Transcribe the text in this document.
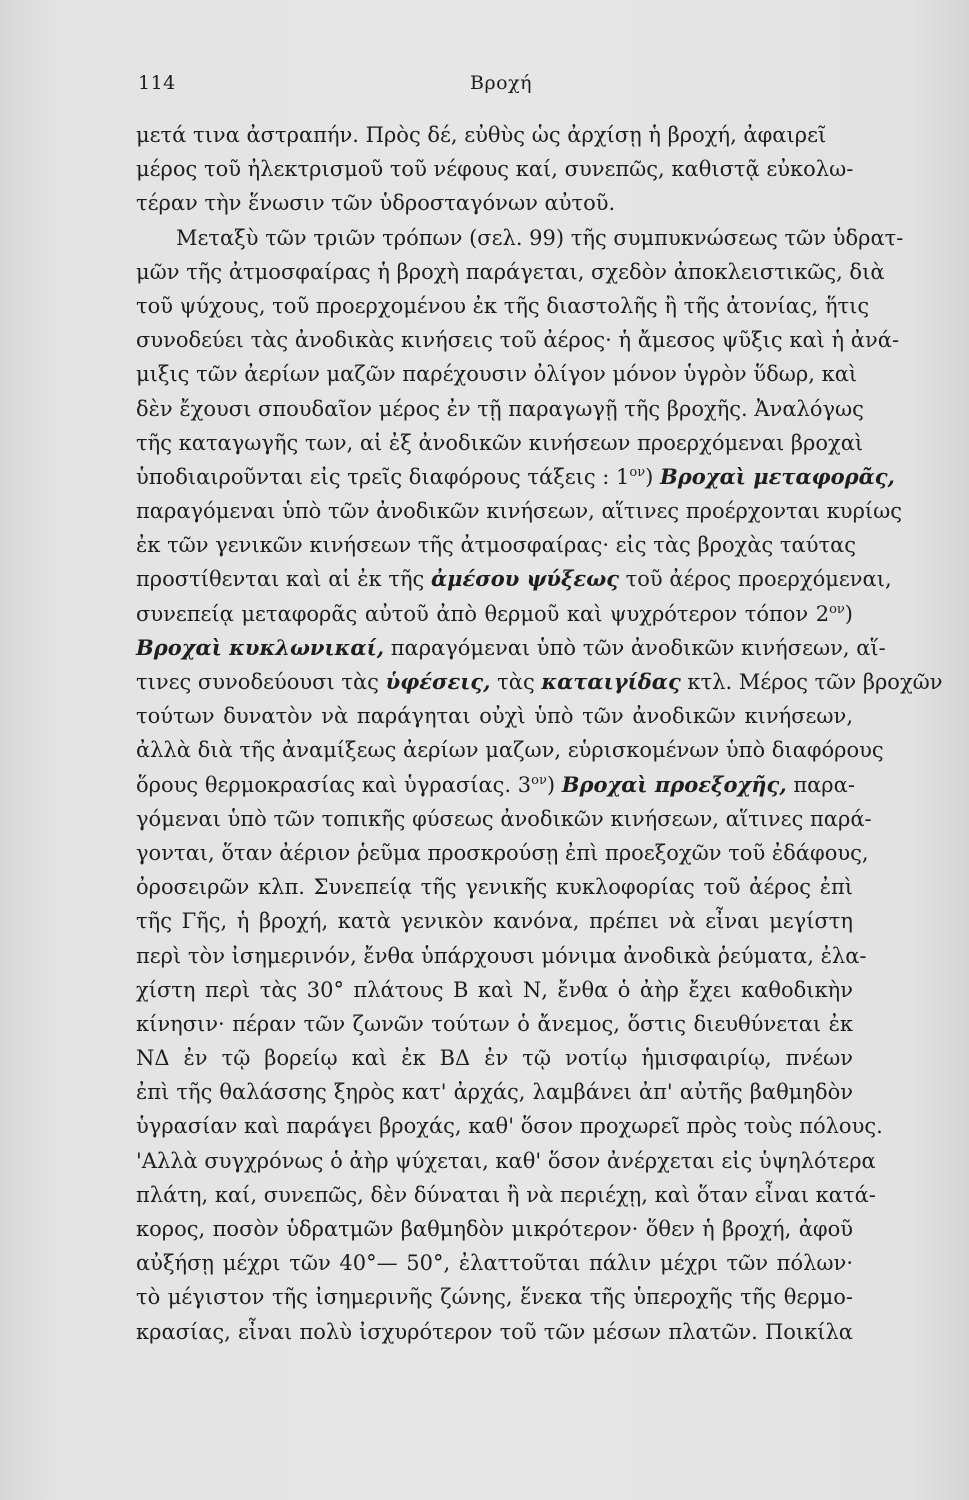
114	Βροχή
μετά τινα ἀστραπήν. Πρὸς δέ, εὐθὺς ὡς ἀρχίσῃ ἡ βροχή, ἀφαιρεῖ
μέρος τοῦ ἠλεκτρισμοῦ τοῦ νέφους καί, συνεπῶς, καθιστᾷ εὐκολω-
τέραν τὴν ἕνωσιν τῶν ὑδροσταγόνων αὐτοῦ.
Μεταξὺ τῶν τριῶν τρόπων (σελ. 99) τῆς συμπυκνώσεως τῶν ὑδρατ-
μῶν τῆς ἀτμοσφαίρας ἡ βροχὴ παράγεται, σχεδὸν ἀποκλειστικῶς, διὰ
τοῦ ψύχους, τοῦ προερχομένου ἐκ τῆς διαστολῆς ἢ τῆς ἀτονίας, ἥτις
συνοδεύει τὰς ἀνοδικὰς κινήσεις τοῦ ἀέρος· ἡ ἄμεσος ψῦξις καὶ ἡ ἀνά-
μιξις τῶν ἀερίων μαζῶν παρέχουσιν ὀλίγον μόνον ὑγρὸν ὕδωρ, καὶ
δὲν ἔχουσι σπουδαῖον μέρος ἐν τῇ παραγωγῇ τῆς βροχῆς. Ἀναλόγως
τῆς καταγωγῆς των, αἱ ἐξ ἀνοδικῶν κινήσεων προερχόμεναι βροχαὶ
ὑποδιαιροῦνται εἰς τρεῖς διαφόρους τάξεις : $1^{o\nu}$) Βροχαὶ μεταφορᾶς,
παραγόμεναι ὑπὸ τῶν ἀνοδικῶν κινήσεων, αἵτινες προέρχονται κυρίως
ἐκ τῶν γενικῶν κινήσεων τῆς ἀτμοσφαίρας· εἰς τὰς βροχὰς ταύτας
προστίθενται καὶ αἱ ἐκ τῆς ἀμέσου ψύξεως τοῦ ἀέρος προερχόμεναι,
συνεπείᾳ μεταφορᾶς αὐτοῦ ἀπὸ θερμοῦ καὶ ψυχρότερον τόπον $2^{o\nu}$)
Βροχαὶ κυκλωνικαί, παραγόμεναι ὑπὸ τῶν ἀνοδικῶν κινήσεων, αἵ-
τινες συνοδεύουσι τὰς ὑφέσεις, τὰς καταιγίδας κτλ. Μέρος τῶν βροχῶν
τούτων δυνατὸν νὰ παράγηται οὐχὶ ὑπὸ τῶν ἀνοδικῶν κινήσεων,
ἀλλὰ διὰ τῆς ἀναμίξεως ἀερίων μαζων, εὑρισκομένων ὑπὸ διαφόρους
ὅρους θερμοκρασίας καὶ ὑγρασίας. $3^{o\nu}$) Βροχαὶ προεξοχῆς, παρα-
γόμεναι ὑπὸ τῶν τοπικῆς φύσεως ἀνοδικῶν κινήσεων, αἵτινες παρά-
γονται, ὅταν ἀέριον ῥεῦμα προσκρούσῃ ἐπὶ προεξοχῶν τοῦ ἐδάφους,
ὀροσειρῶν κλπ. Συνεπείᾳ τῆς γενικῆς κυκλοφορίας τοῦ ἀέρος ἐπὶ
τῆς Γῆς, ἡ βροχή, κατὰ γενικὸν κανόνα, πρέπει νὰ εἶναι μεγίστη
περὶ τὸν ἰσημερινόν, ἔνθα ὑπάρχουσι μόνιμα ἀνοδικὰ ῥεύματα, ἐλα-
χίστη περὶ τὰς 30° πλάτους Β καὶ Ν, ἔνθα ὁ ἀὴρ ἔχει καθοδικὴν
κίνησιν· πέραν τῶν ζωνῶν τούτων ὁ ἄνεμος, ὅστις διευθύνεται ἐκ
ΝΔ ἐν τῷ βορείῳ καὶ ἐκ ΒΔ ἐν τῷ νοτίῳ ἡμισφαιρίῳ, πνέων
ἐπὶ τῆς θαλάσσης ξηρὸς κατ' ἀρχάς, λαμβάνει ἀπ' αὐτῆς βαθμηδὸν
ὑγρασίαν καὶ παράγει βροχάς, καθ' ὅσον προχωρεῖ πρὸς τοὺς πόλους.
'Αλλὰ συγχρόνως ὁ ἀὴρ ψύχεται, καθ' ὅσον ἀνέρχεται εἰς ὑψηλότερα
πλάτη, καί, συνεπῶς, δὲν δύναται ἢ νὰ περιέχῃ, καὶ ὅταν εἶναι κατά-
κορος, ποσὸν ὑδρατμῶν βαθμηδὸν μικρότερον· ὅθεν ἡ βροχή, ἀφοῦ
αὐξήσῃ μέχρι τῶν 40°— 50°, ἐλαττοῦται πάλιν μέχρι τῶν πόλων·
τὸ μέγιστον τῆς ἰσημερινῆς ζώνης, ἕνεκα τῆς ὑπεροχῆς τῆς θερμο-
κρασίας, εἶναι πολὺ ἰσχυρότερον τοῦ τῶν μέσων πλατῶν. Ποικίλα
